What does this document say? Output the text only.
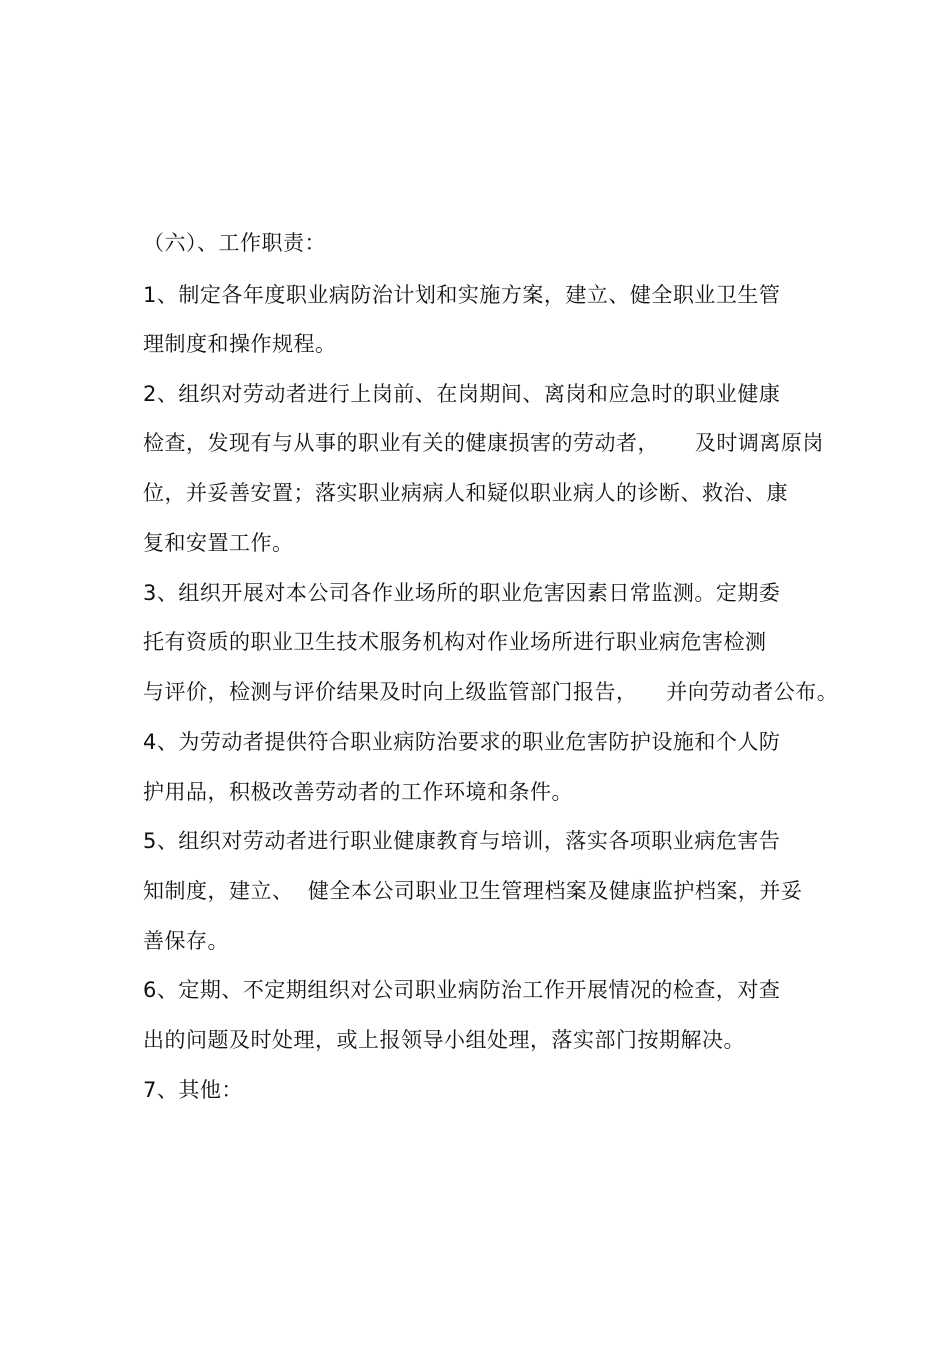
（六）、工作职责：
1、制定各年度职业病防治计划和实施方案，建立、健全职业卫生管
理制度和操作规程。
2、组织对劳动者进行上岗前、在岗期间、离岗和应急时的职业健康
检查，发现有与从事的职业有关的健康损害的劳动者，     及时调离原岗
位，并妥善安置；落实职业病病人和疑似职业病人的诊断、救治、康
复和安置工作。
3、组织开展对本公司各作业场所的职业危害因素日常监测。定期委
托有资质的职业卫生技术服务机构对作业场所进行职业病危害检测
与评价，检测与评价结果及时向上级监管部门报告，    并向劳动者公布。
4、为劳动者提供符合职业病防治要求的职业危害防护设施和个人防
护用品，积极改善劳动者的工作环境和条件。
5、组织对劳动者进行职业健康教育与培训，落实各项职业病危害告
知制度，建立、  健全本公司职业卫生管理档案及健康监护档案，并妥
善保存。
6、定期、不定期组织对公司职业病防治工作开展情况的检查，对查
出的问题及时处理，或上报领导小组处理，落实部门按期解决。
7、其他：
